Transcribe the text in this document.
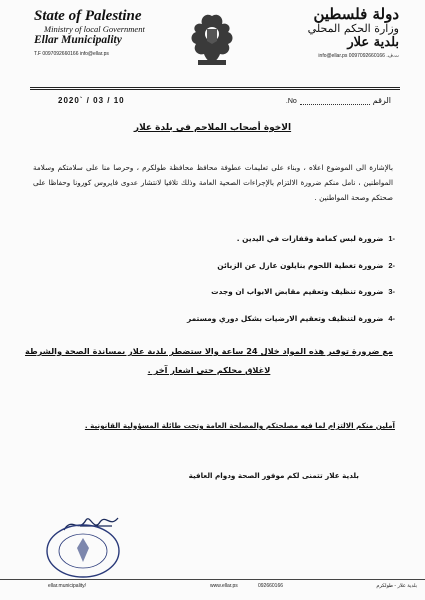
State of Palestine
Ministry of local Government
Ellar Municipality
T.F 0097092660166 info@ellar.ps
دولة فلسطين
وزارة الحكم المحلي
بلدية علار
info@ellar.ps 0097092660166 .ت.ف
2020` / 03 / 10	الرقمNo.
الاخوة أصحاب الملاحم في بلدة علار
بالإشارة الى الموضوع اعلاه ، وبناء على تعليمات عطوفة محافظ محافظة طولكرم ، وحرصا منا على سلامتكم وسلامة المواطنين ، نامل منكم ضرورة الالتزام بالإجراءات الصحية العامة وذلك تلافيا لانتشار عدوى فايروس كورونا وحفاظا على صحتكم وصحة المواطنين .
-1ضرورة لبس كمامة وقفازات في اليدين .
-2ضرورة تغطية اللحوم بنايلون عازل عن الزبائن
-3ضرورة تنظيف وتعقيم مقابض الابواب ان وجدت
-4ضرورة لتنظيف وتعقيم الارضيات بشكل دوري ومستمر
مع ضرورة توفير هذه المواد خلال 24 ساعة والا ستضطر بلدية علار بمساندة الصحة والشرطة
لاغلاق محلكم حتى اشعار آخر .
آملين منكم الالتزام لما فيه مصلحتكم والمصلحة العامة وتحت طائلة المسؤولية القانونية .
بلدية علار تتمنى لكم موفور الصحة ودوام العافية
ellar.municipality/	www.ellar.ps	092660166	بلدية علار - طولكرم
